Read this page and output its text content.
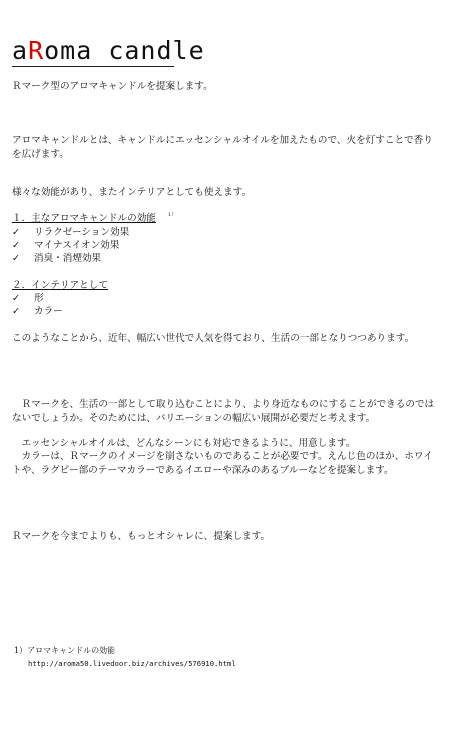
aRoma candle
Ｒマーク型のアロマキャンドルを提案します。
アロマキャンドルとは、キャンドルにエッセンシャルオイルを加えたもので、火を灯すことで香りを広げます。
様々な効能があり、またインテリアとしても使えます。
１．主なアロマキャンドルの効能 $^{1)}$
✓ リラクゼーション効果
✓ マイナスイオン効果
✓ 消臭・消煙効果
２．インテリアとして
✓ 形
✓ カラー
このようなことから、近年、幅広い世代で人気を得ており、生活の一部となりつつあります。
　Ｒマークを、生活の一部として取り込むことにより、より身近なものにすることができるのではないでしょうか。そのためには、バリエーションの幅広い展開が必要だと考えます。
　エッセンシャルオイルは、どんなシーンにも対応できるように、用意します。
　カラーは、Ｒマークのイメージを崩さないものであることが必要です。えんじ色のほか、ホワイトや、ラグビー部のテーマカラーであるイエローや深みのあるブルーなどを提案します。
Ｒマークを今までよりも、もっとオシャレに、提案します。
1）アロマキャンドルの効能
http://aroma50.livedoor.biz/archives/576910.html
